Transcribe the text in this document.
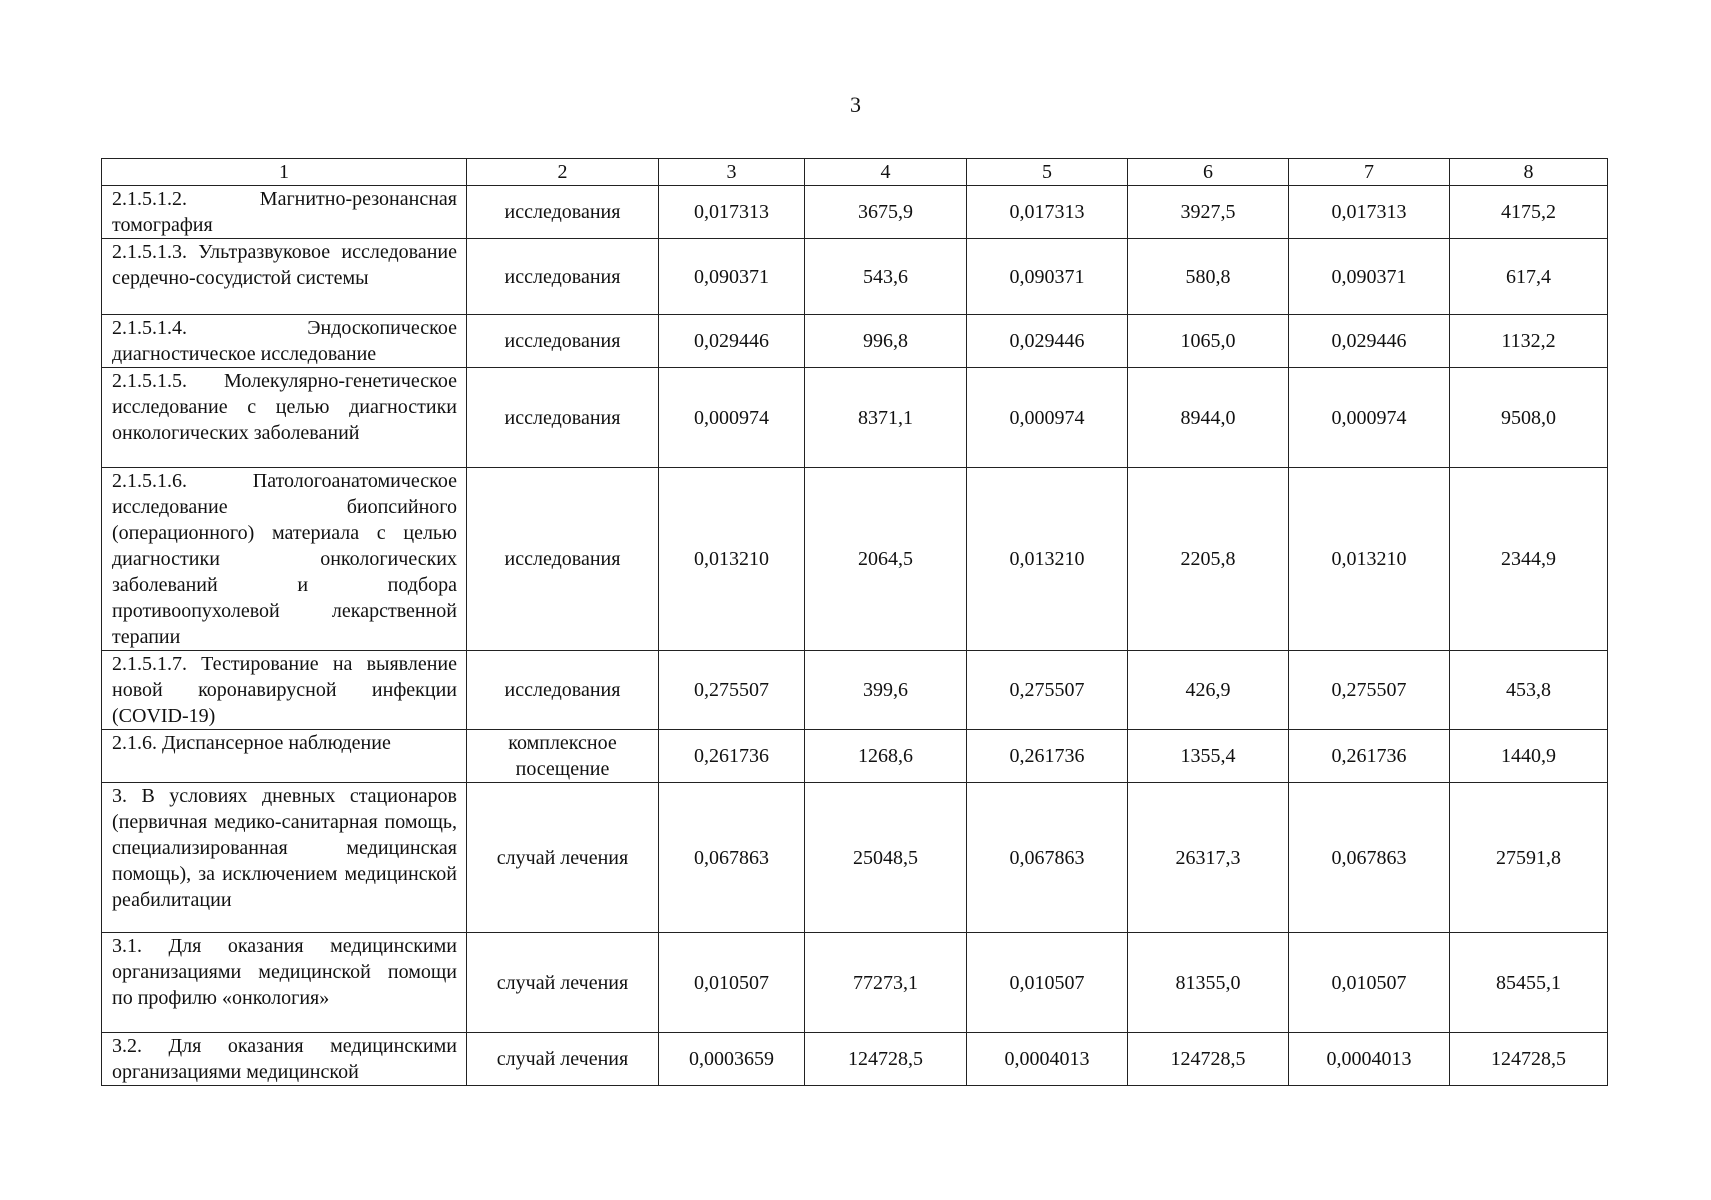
3
1	2	3	4	5	6	7	8
2.1.5.1.2. Магнитно-резонансная томография	исследования	0,017313	3675,9	0,017313	3927,5	0,017313	4175,2
2.1.5.1.3. Ультразвуковое исследование сердечно-сосудистой системы	исследования	0,090371	543,6	0,090371	580,8	0,090371	617,4
2.1.5.1.4. Эндоскопическое диагностическое исследование	исследования	0,029446	996,8	0,029446	1065,0	0,029446	1132,2
2.1.5.1.5. Молекулярно-генетическое исследование с целью диагностики онкологических заболеваний	исследования	0,000974	8371,1	0,000974	8944,0	0,000974	9508,0
2.1.5.1.6. Патологоанатомическое исследование биопсийного (операционного) материала с целью диагностики онкологических заболеваний и подбора противоопухолевой лекарственной терапии	исследования	0,013210	2064,5	0,013210	2205,8	0,013210	2344,9
2.1.5.1.7. Тестирование на выявление новой коронавирусной инфекции (COVID-19)	исследования	0,275507	399,6	0,275507	426,9	0,275507	453,8
2.1.6. Диспансерное наблюдение	комплексное посещение	0,261736	1268,6	0,261736	1355,4	0,261736	1440,9
3. В условиях дневных стационаров (первичная медико-санитарная помощь, специализированная медицинская помощь), за исключением медицинской реабилитации	случай лечения	0,067863	25048,5	0,067863	26317,3	0,067863	27591,8
3.1. Для оказания медицинскими организациями медицинской помощи по профилю «онкология»	случай лечения	0,010507	77273,1	0,010507	81355,0	0,010507	85455,1
3.2. Для оказания медицинскими организациями медицинской	случай лечения	0,0003659	124728,5	0,0004013	124728,5	0,0004013	124728,5
